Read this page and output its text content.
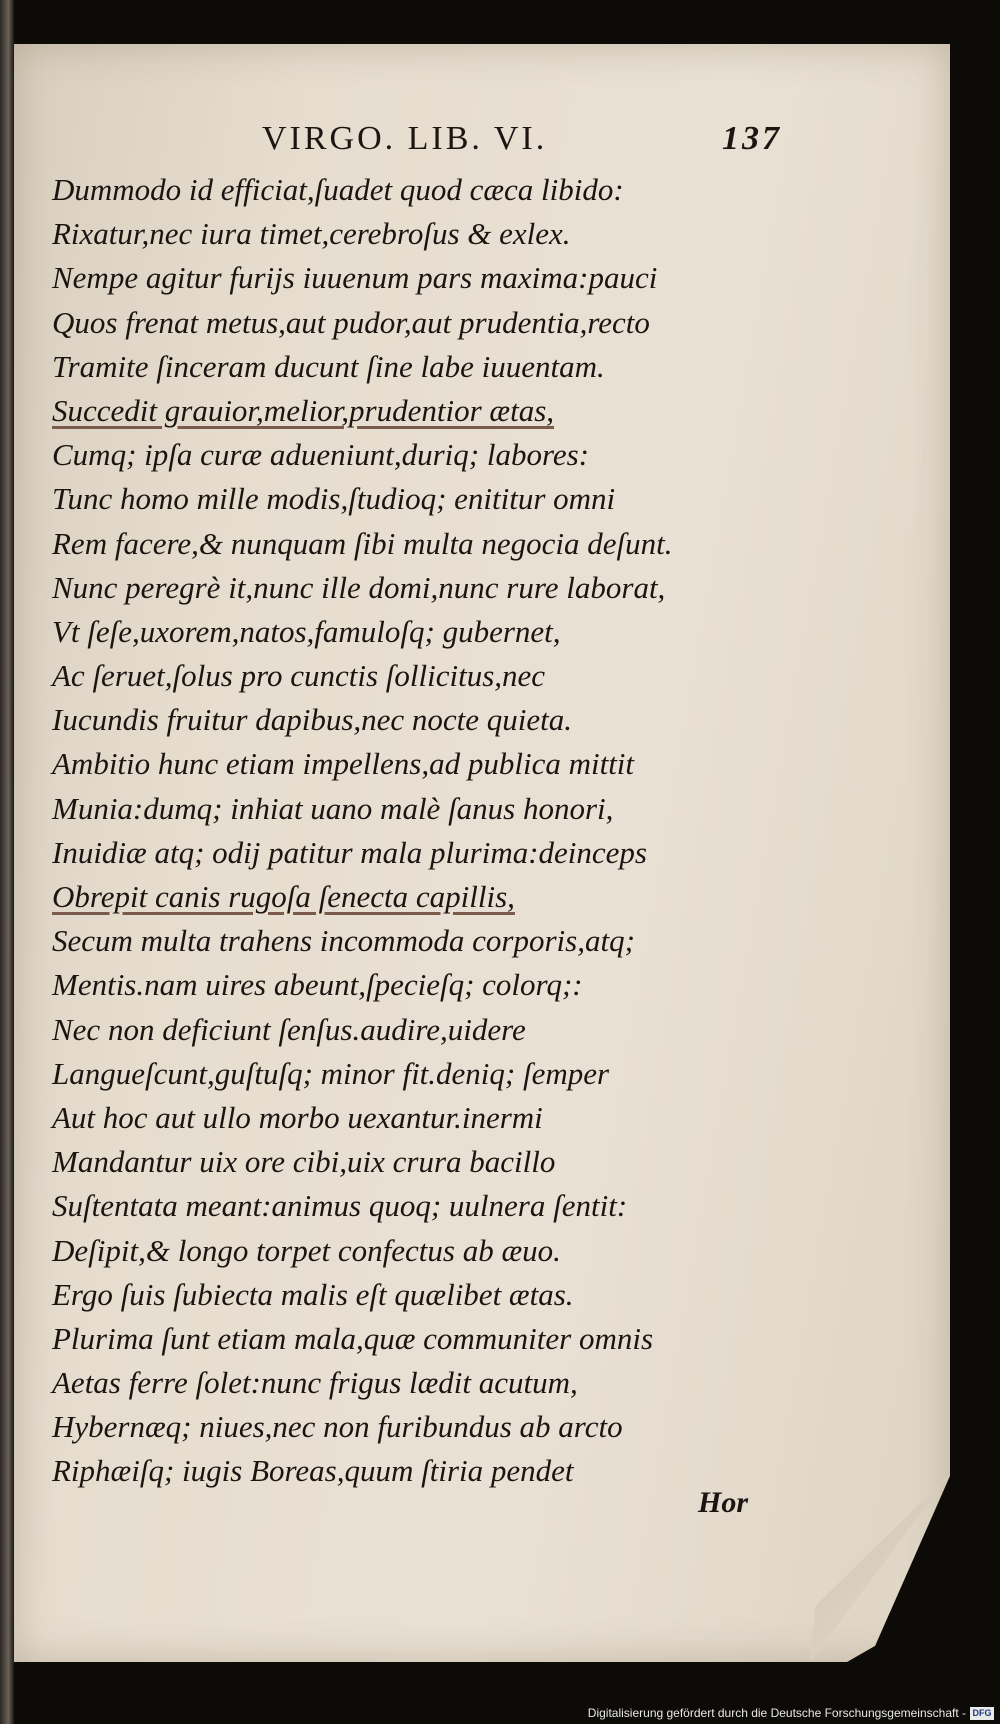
VIRGO. LIB. VI.	137
Dummodo id efficiat,ſuadet quod cæca libido:
Rixatur,nec iura timet,cerebroſus & exlex.
Nempe agitur furijs iuuenum pars maxima:pauci
Quos frenat metus,aut pudor,aut prudentia,recto
Tramite ſinceram ducunt ſine labe iuuentam.
Succedit grauior,melior,prudentior ætas,
Cumq; ipſa curæ adueniunt,duriq; labores:
Tunc homo mille modis,ſtudioq; enititur omni
Rem facere,& nunquam ſibi multa negocia deſunt.
Nunc peregrè it,nunc ille domi,nunc rure laborat,
Vt ſeſe,uxorem,natos,famuloſq; gubernet,
Ac ſeruet,ſolus pro cunctis ſollicitus,nec
Iucundis fruitur dapibus,nec nocte quieta.
Ambitio hunc etiam impellens,ad publica mittit
Munia:dumq; inhiat uano malè ſanus honori,
Inuidiæ atq; odij patitur mala plurima:deinceps
Obrepit canis rugoſa ſenecta capillis,
Secum multa trahens incommoda corporis,atq;
Mentis.nam uires abeunt,ſpecieſq; colorq;:
Nec non deficiunt ſenſus.audire,uidere
Langueſcunt,guſtuſq; minor fit.deniq; ſemper
Aut hoc aut ullo morbo uexantur.inermi
Mandantur uix ore cibi,uix crura bacillo
Suſtentata meant:animus quoq; uulnera ſentit:
Deſipit,& longo torpet confectus ab æuo.
Ergo ſuis ſubiecta malis eſt quælibet ætas.
Plurima ſunt etiam mala,quæ communiter omnis
Aetas ferre ſolet:nunc frigus lædit acutum,
Hybernæq; niues,nec non furibundus ab arcto
Riphæiſq; iugis Boreas,quum ſtiria pendet
Hor
Digitalisierung gefördert durch die Deutsche Forschungsgemeinschaft - DFG
